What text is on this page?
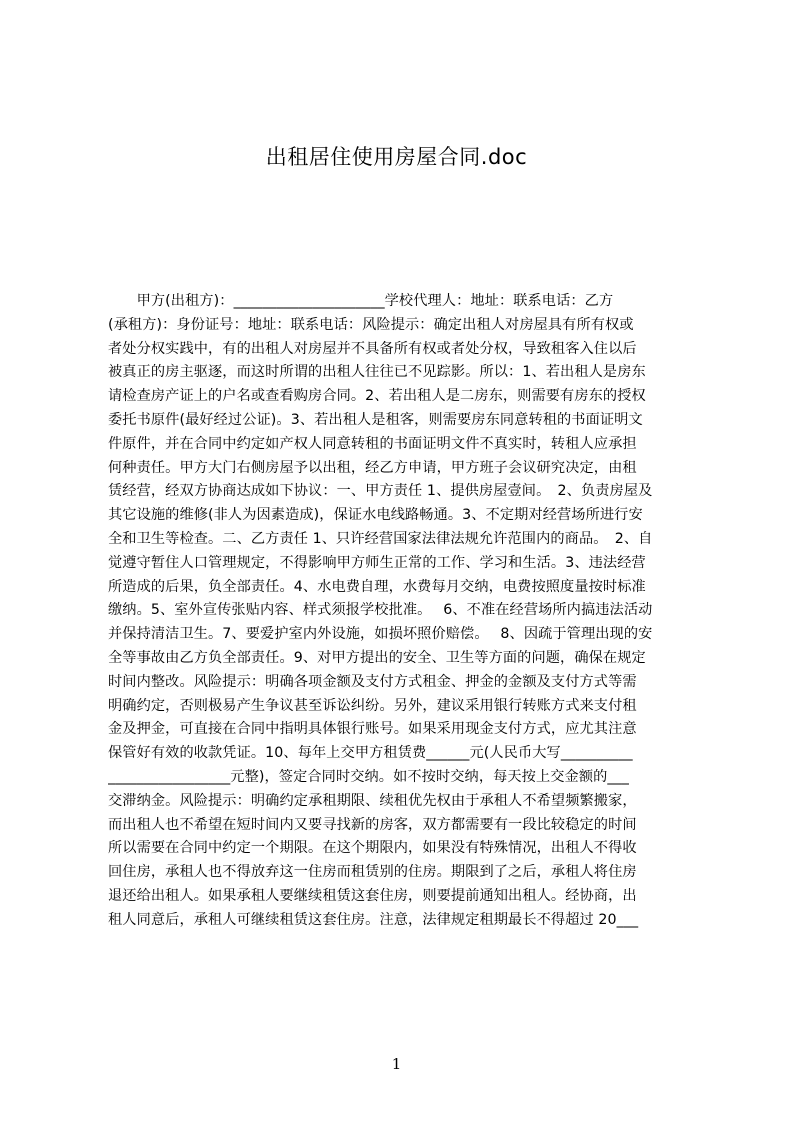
出租居住使用房屋合同.doc
　　甲方(出租方)：_____________________学校代理人：地址：联系电话：乙方
(承租方)：身份证号：地址：联系电话：风险提示：确定出租人对房屋具有所有权或
者处分权实践中，有的出租人对房屋并不具备所有权或者处分权，导致租客入住以后
被真正的房主驱逐，而这时所谓的出租人往往已不见踪影。所以：1、若出租人是房东
请检查房产证上的户名或查看购房合同。2、若出租人是二房东，则需要有房东的授权
委托书原件(最好经过公证)。3、若出租人是租客，则需要房东同意转租的书面证明文
件原件，并在合同中约定如产权人同意转租的书面证明文件不真实时，转租人应承担
何种责任。甲方大门右侧房屋予以出租，经乙方申请，甲方班子会议研究决定，由租
赁经营，经双方协商达成如下协议：一、甲方责任 1、提供房屋壹间。　2、负责房屋及
其它设施的维修(非人为因素造成)，保证水电线路畅通。3、不定期对经营场所进行安
全和卫生等检查。二、乙方责任 1、只许经营国家法律法规允许范围内的商品。　2、自
觉遵守暂住人口管理规定，不得影响甲方师生正常的工作、学习和生活。3、违法经营
所造成的后果，负全部责任。4、水电费自理，水费每月交纳，电费按照度量按时标准
缴纳。5、室外宣传张贴内容、样式须报学校批准。　 6、不准在经营场所内搞违法活动
并保持清洁卫生。7、要爱护室内外设施，如损坏照价赔偿。　 8、因疏于管理出现的安
全等事故由乙方负全部责任。9、对甲方提出的安全、卫生等方面的问题，确保在规定
时间内整改。风险提示：明确各项金额及支付方式租金、押金的金额及支付方式等需
明确约定，否则极易产生争议甚至诉讼纠纷。另外，建议采用银行转账方式来支付租
金及押金，可直接在合同中指明具体银行账号。如果采用现金支付方式，应尤其注意
保管好有效的收款凭证。10、每年上交甲方租赁费______元(人民币大写__________
_________________元整)，签定合同时交纳。如不按时交纳，每天按上交金额的___
交滞纳金。风险提示：明确约定承租期限、续租优先权由于承租人不希望频繁搬家，
而出租人也不希望在短时间内又要寻找新的房客，双方都需要有一段比较稳定的时间
所以需要在合同中约定一个期限。在这个期限内，如果没有特殊情况，出租人不得收
回住房，承租人也不得放弃这一住房而租赁别的住房。期限到了之后，承租人将住房
退还给出租人。如果承租人要继续租赁这套住房，则要提前通知出租人。经协商，出
租人同意后，承租人可继续租赁这套住房。注意，法律规定租期最长不得超过 20___
1
